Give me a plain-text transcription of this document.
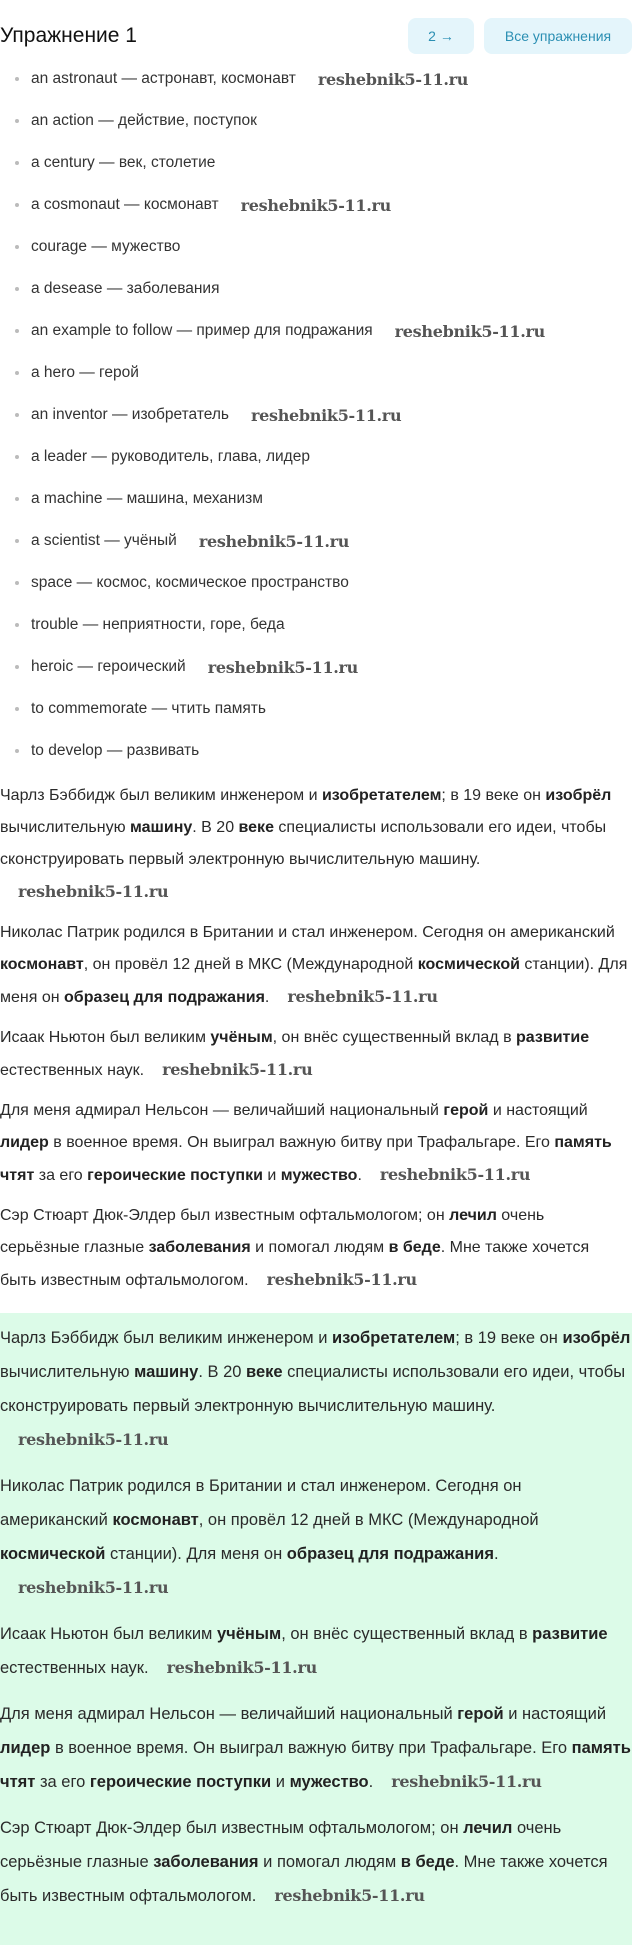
Упражнение 1	2 →	Все упражнения
an astronaut — астронавт, космонавт reshebnik5-11.ru
an action — действие, поступок
a century — век, столетие
a cosmonaut — космонавт reshebnik5-11.ru
courage — мужество
a desease — заболевания
an example to follow — пример для подражания reshebnik5-11.ru
a hero — герой
an inventor — изобретатель reshebnik5-11.ru
a leader — руководитель, глава, лидер
a machine — машина, механизм
a scientist — учёный reshebnik5-11.ru
space — космос, космическое пространство
trouble — неприятности, горе, беда
heroic — героический reshebnik5-11.ru
to commemorate — чтить память
to develop — развивать

Чарлз Бэббидж был великим инженером и изобретателем; в 19 веке он изобрёл вычислительную машину. В 20 веке специалисты использовали его идеи, чтобы сконструировать первый электронную вычислительную машину.reshebnik5-11.ru

Николас Патрик родился в Британии и стал инженером. Сегодня он американский космонавт, он провёл 12 дней в МКС (Международной космической станции). Для меня он образец для подражания. reshebnik5-11.ru

Исаак Ньютон был великим учёным, он внёс существенный вклад в развитие естественных наук. reshebnik5-11.ru

Для меня адмирал Нельсон — величайший национальный герой и настоящий лидер в военное время. Он выиграл важную битву при Трафальгаре. Его память чтят за его героические поступки и мужество. reshebnik5-11.ru

Сэр Стюарт Дюк-Элдер был известным офтальмологом; он лечил очень серьёзные глазные заболевания и помогал людям в беде. Мне также хочется быть известным офтальмологом. reshebnik5-11.ru

Чарлз Бэббидж был великим инженером и изобретателем; в 19 веке он изобрёл вычислительную машину. В 20 веке специалисты использовали его идеи, чтобы сконструировать первый электронную вычислительную машину.reshebnik5-11.ru

Николас Патрик родился в Британии и стал инженером. Сегодня он американский космонавт, он провёл 12 дней в МКС (Международной космической станции). Для меня он образец для подражания.reshebnik5-11.ru

Исаак Ньютон был великим учёным, он внёс существенный вклад в развитие естественных наук. reshebnik5-11.ru

Для меня адмирал Нельсон — величайший национальный герой и настоящий лидер в военное время. Он выиграл важную битву при Трафальгаре. Его память чтят за его героические поступки и мужество. reshebnik5-11.ru

Сэр Стюарт Дюк-Элдер был известным офтальмологом; он лечил очень серьёзные глазные заболевания и помогал людям в беде. Мне также хочется быть известным офтальмологом. reshebnik5-11.ru
